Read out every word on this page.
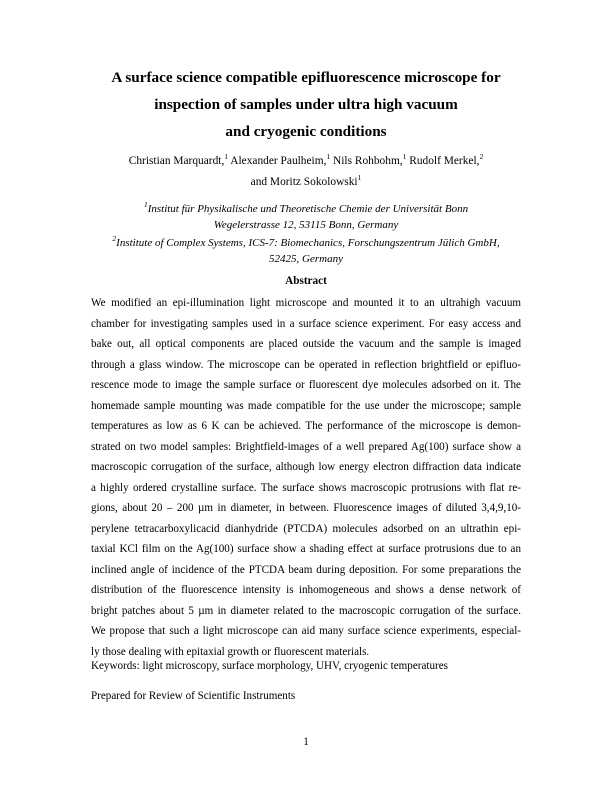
A surface science compatible epifluorescence microscope for
inspection of samples under ultra high vacuum
and cryogenic conditions
Christian Marquardt,$^1$ Alexander Paulheim,$^1$ Nils Rohbohm,$^1$ Rudolf Merkel,$^2$
and Moritz Sokolowski$^1$
$^1$Institut für Physikalische und Theoretische Chemie der Universität Bonn
Wegelerstrasse 12, 53115 Bonn, Germany
$^2$Institute of Complex Systems, ICS-7: Biomechanics, Forschungszentrum Jülich GmbH,
52425, Germany
Abstract
We modified an epi-illumination light microscope and mounted it to an ultrahigh vacuum
chamber for investigating samples used in a surface science experiment. For easy access and
bake out, all optical components are placed outside the vacuum and the sample is imaged
through a glass window. The microscope can be operated in reflection brightfield or epifluo-
rescence mode to image the sample surface or fluorescent dye molecules adsorbed on it. The
homemade sample mounting was made compatible for the use under the microscope; sample
temperatures as low as 6 K can be achieved. The performance of the microscope is demon-
strated on two model samples: Brightfield-images of a well prepared Ag(100) surface show a
macroscopic corrugation of the surface, although low energy electron diffraction data indicate
a highly ordered crystalline surface. The surface shows macroscopic protrusions with flat re-
gions, about 20 – 200 µm in diameter, in between. Fluorescence images of diluted 3,4,9,10-
perylene tetracarboxylicacid dianhydride (PTCDA) molecules adsorbed on an ultrathin epi-
taxial KCl film on the Ag(100) surface show a shading effect at surface protrusions due to an
inclined angle of incidence of the PTCDA beam during deposition. For some preparations the
distribution of the fluorescence intensity is inhomogeneous and shows a dense network of
bright patches about 5 µm in diameter related to the macroscopic corrugation of the surface.
We propose that such a light microscope can aid many surface science experiments, especial-
ly those dealing with epitaxial growth or fluorescent materials.
Keywords: light microscopy, surface morphology, UHV, cryogenic temperatures
Prepared for Review of Scientific Instruments
1
